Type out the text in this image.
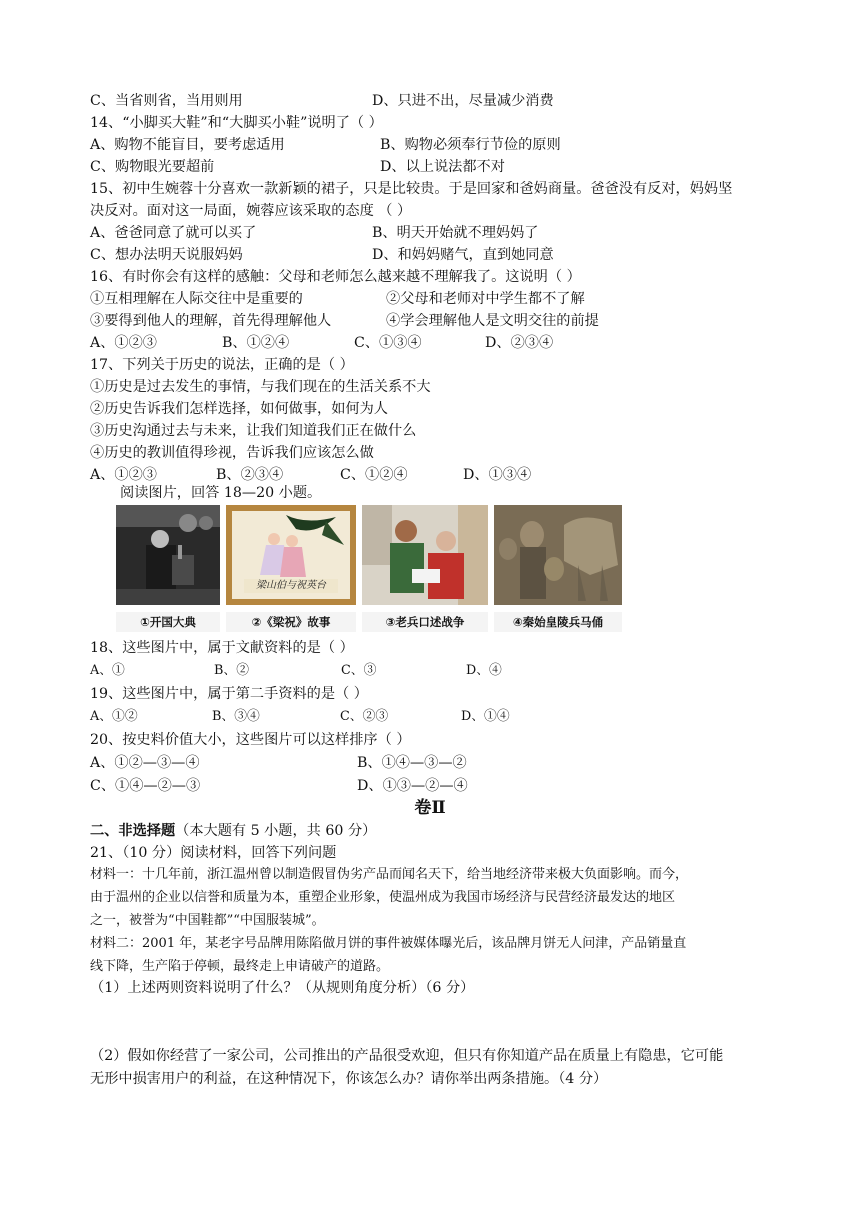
C、当省则省，当用则用	D、只进不出，尽量减少消费
14、“小脚买大鞋”和“大脚买小鞋”说明了（ ）
A、购物不能盲目，要考虑适用	B、购物必须奉行节俭的原则
C、购物眼光要超前	D、以上说法都不对
15、初中生婉蓉十分喜欢一款新颖的裙子，只是比较贵。于是回家和爸妈商量。爸爸没有反对，妈妈坚
决反对。面对这一局面，婉蓉应该采取的态度 （ ）
A、爸爸同意了就可以买了	B、明天开始就不理妈妈了
C、想办法明天说服妈妈	D、和妈妈赌气，直到她同意
16、有时你会有这样的感触：父母和老师怎么越来越不理解我了。这说明（ ）
①互相理解在人际交往中是重要的	②父母和老师对中学生都不了解
③要得到他人的理解，首先得理解他人	④学会理解他人是文明交往的前提
A、①②③	B、①②④	C、①③④	D、②③④
17、下列关于历史的说法，正确的是（ ）
①历史是过去发生的事情，与我们现在的生活关系不大
②历史告诉我们怎样选择，如何做事，如何为人
③历史沟通过去与未来，让我们知道我们正在做什么
④历史的教训值得珍视，告诉我们应该怎么做
A、①②③	B、②③④	C、①②④	D、①③④
阅读图片，回答 18—20 小题。
梁山伯与祝英台
①开国大典	②《梁祝》故事	③老兵口述战争	④秦始皇陵兵马俑
18、这些图片中，属于文献资料的是（ ）
A、①	B、②	C、③	D、④
19、这些图片中，属于第二手资料的是（ ）
A、①②	B、③④	C、②③	D、①④
20、按史料价值大小，这些图片可以这样排序（ ）
A、①②—③—④	B、①④—③—②
C、①④—②—③	D、①③—②—④
卷Ⅱ
二、非选择题（本大题有 5 小题，共 60 分）
21、（10 分）阅读材料，回答下列问题
材料一：十几年前，浙江温州曾以制造假冒伪劣产品而闻名天下，给当地经济带来极大负面影响。而今，
由于温州的企业以信誉和质量为本，重塑企业形象，使温州成为我国市场经济与民营经济最发达的地区
之一，被誉为“中国鞋都”“中国服装城”。
材料二：2001 年，某老字号品牌用陈陷做月饼的事件被媒体曝光后，该品牌月饼无人问津，产品销量直
线下降，生产陷于停顿，最终走上申请破产的道路。
（1）上述两则资料说明了什么？（从规则角度分析）（6 分）
（2）假如你经营了一家公司，公司推出的产品很受欢迎，但只有你知道产品在质量上有隐患，它可能
无形中损害用户的利益，在这种情况下，你该怎么办？请你举出两条措施。（4 分）
